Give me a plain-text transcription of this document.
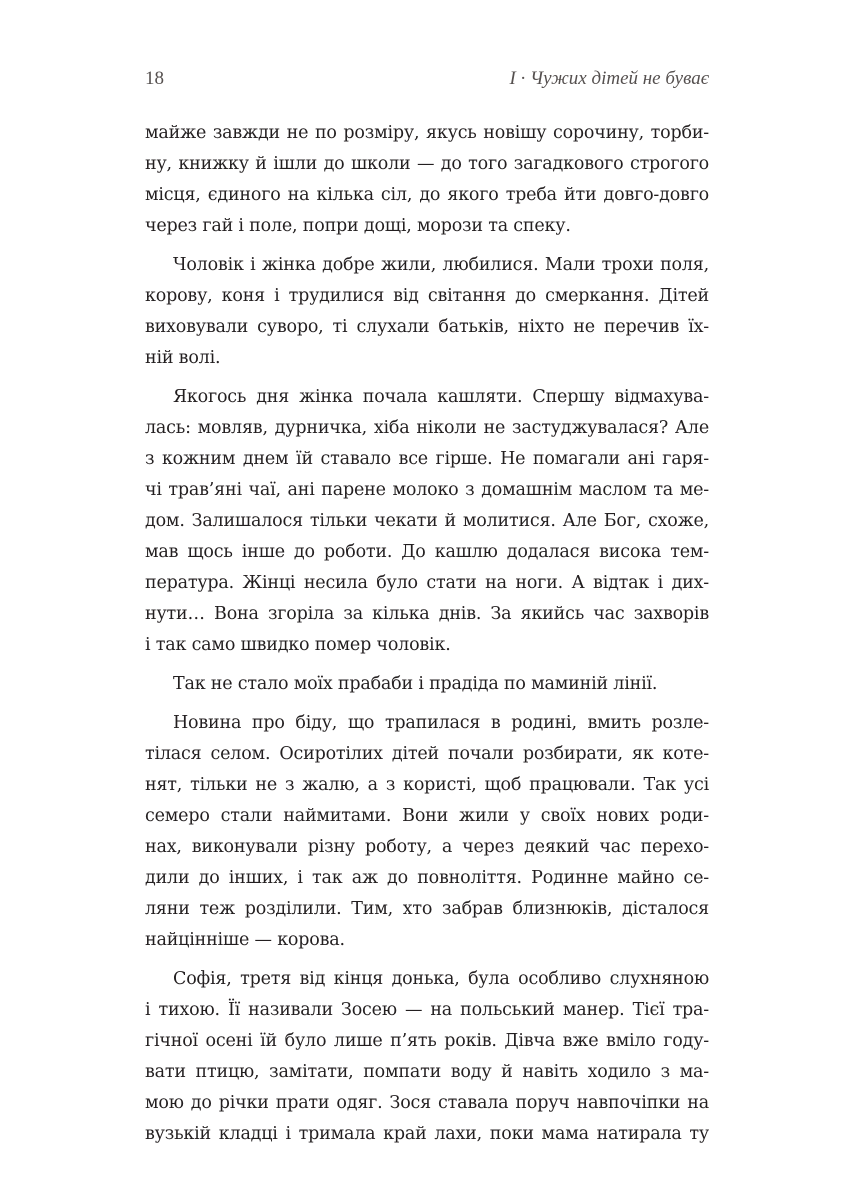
18	І · Чужих дітей не буває
майже завжди не по розміру, якусь новішу сорочину, торби-
ну, книжку й ішли до школи — до того загадкового строгого
місця, єдиного на кілька сіл, до якого треба йти довго-довго
через гай і поле, попри дощі, морози та спеку.
Чоловік і жінка добре жили, любилися. Мали трохи поля,
корову, коня і трудилися від світання до смеркання. Дітей
виховували суворо, ті слухали батьків, ніхто не перечив їх-
ній волі.
Якогось дня жінка почала кашляти. Спершу відмахува-
лась: мовляв, дурничка, хіба ніколи не застуджувалася? Але
з кожним днем їй ставало все гірше. Не помагали ані гаря-
чі трав’яні чаї, ані парене молоко з домашнім маслом та ме-
дом. Залишалося тільки чекати й молитися. Але Бог, схоже,
мав щось інше до роботи. До кашлю додалася висока тем-
пература. Жінці несила було стати на ноги. А відтак і дих-
нути… Вона згоріла за кілька днів. За якийсь час захворів
і так само швидко помер чоловік.
Так не стало моїх прабаби і прадіда по маминій лінії.
Новина про біду, що трапилася в родині, вмить розле-
тілася селом. Осиротілих дітей почали розбирати, як коте-
нят, тільки не з жалю, а з користі, щоб працювали. Так усі
семеро стали наймитами. Вони жили у своїх нових роди-
нах, виконували різну роботу, а через деякий час перехо-
дили до інших, і так аж до повноліття. Родинне майно се-
ляни теж розділили. Тим, хто забрав близнюків, дісталося
найцінніше — корова.
Софія, третя від кінця донька, була особливо слухняною
і тихою. Її називали Зосею — на польський манер. Тієї тра-
гічної осені їй було лише п’ять років. Дівча вже вміло году-
вати птицю, замітати, помпати воду й навіть ходило з ма-
мою до річки прати одяг. Зося ставала поруч навпочіпки на
вузькій кладці і тримала край лахи, поки мама натирала ту
